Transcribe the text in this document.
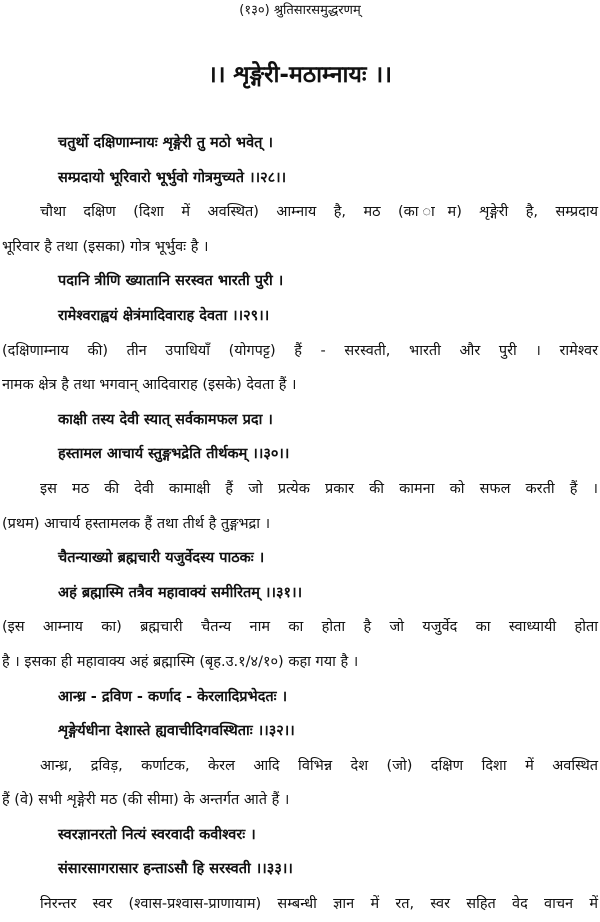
(१३०) श्रुतिसारसमुद्धरणम्
।। शृङ्गेरी-मठाम्नायः ।।
चतुर्थो दक्षिणाम्नायः शृङ्गेरी तु मठो भवेत् ।
सम्प्रदायो भूरिवारो भूर्भुवो गोत्रमुच्यते ।।२८।।
चौथा दक्षिण (दिशा में अवस्थित) आम्नाय है, मठ (का ाम) शृङ्गेरी है, सम्प्रदाय
भूरिवार है तथा (इसका) गोत्र भूर्भुवः है ।
पदानि त्रीणि ख्यातानि सरस्वत भारती पुरी ।
रामेश्वराह्वयं क्षेत्रंमादिवाराह देवता ।।२९।।
(दक्षिणाम्नाय की) तीन उपाधियाँ (योगपट्ट) हैं - सरस्वती, भारती और पुरी । रामेश्वर
नामक क्षेत्र है तथा भगवान् आदिवाराह (इसके) देवता हैं ।
काक्षी तस्य देवी स्यात् सर्वकामफल प्रदा ।
हस्तामल आचार्य स्तुङ्गभद्रेति तीर्थकम् ।।३०।।
इस मठ की देवी कामाक्षी हैं जो प्रत्येक प्रकार की कामना को सफल करती हैं ।
(प्रथम) आचार्य हस्तामलक हैं तथा तीर्थ है तुङ्गभद्रा ।
चैतन्याख्यो ब्रह्मचारी यजुर्वेदस्य पाठकः ।
अहं ब्रह्मास्मि तत्रैव महावाक्यं समीरितम् ।।३१।।
(इस आम्नाय का) ब्रह्मचारी चैतन्य नाम का होता है जो यजुर्वेद का स्वाध्यायी होता
है । इसका ही महावाक्य अहं ब्रह्मास्मि (बृह.उ.१/४/१०) कहा गया है ।
आन्ध्र - द्रविण - कर्णाद - केरलादिप्रभेदतः ।
शृङ्गेर्यधीना देशास्ते ह्यवाचीदिगवस्थिताः ।।३२।।
आन्ध्र, द्रविड़, कर्णाटक, केरल आदि विभिन्न देश (जो) दक्षिण दिशा में अवस्थित
हैं (वे) सभी शृङ्गेरी मठ (की सीमा) के अन्तर्गत आते हैं ।
स्वरज्ञानरतो नित्यं स्वरवादी कवीश्वरः ।
संसारसागरासार हन्ताऽसौ हि सरस्वती ।।३३।।
निरन्तर स्वर (श्वास-प्रश्वास-प्राणायाम) सम्बन्धी ज्ञान में रत, स्वर सहित वेद वाचन में
